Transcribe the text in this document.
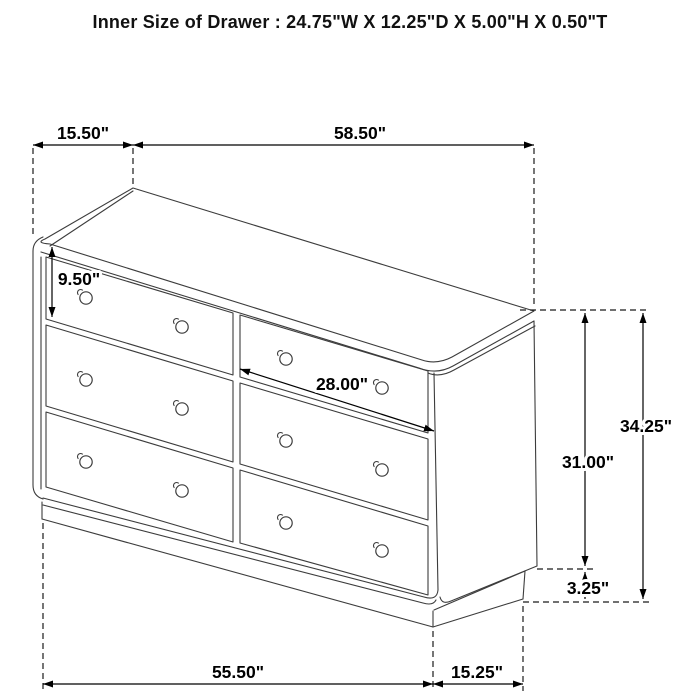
Inner Size of Drawer : 24.75"W X 12.25"D X 5.00"H X 0.50"T
15.50"	58.50"
9.50"
28.00"
31.00"
34.25"
3.25"
55.50"	15.25"
